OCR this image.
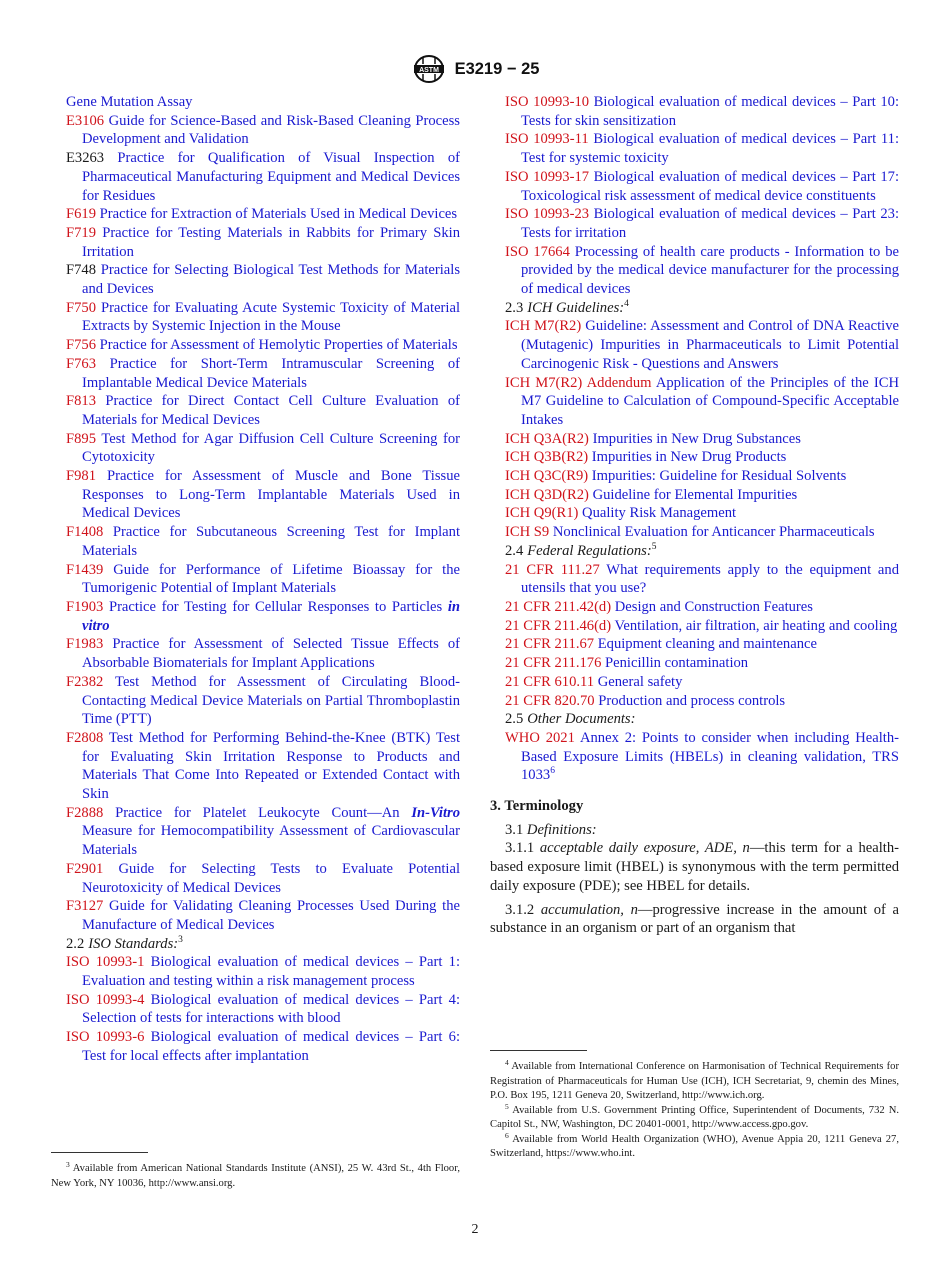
ASTM E3219 − 25
Gene Mutation Assay
E3106 Guide for Science-Based and Risk-Based Cleaning Process Development and Validation
E3263 Practice for Qualification of Visual Inspection of Pharmaceutical Manufacturing Equipment and Medical Devices for Residues
F619 Practice for Extraction of Materials Used in Medical Devices
F719 Practice for Testing Materials in Rabbits for Primary Skin Irritation
F748 Practice for Selecting Biological Test Methods for Materials and Devices
F750 Practice for Evaluating Acute Systemic Toxicity of Material Extracts by Systemic Injection in the Mouse
F756 Practice for Assessment of Hemolytic Properties of Materials
F763 Practice for Short-Term Intramuscular Screening of Implantable Medical Device Materials
F813 Practice for Direct Contact Cell Culture Evaluation of Materials for Medical Devices
F895 Test Method for Agar Diffusion Cell Culture Screening for Cytotoxicity
F981 Practice for Assessment of Muscle and Bone Tissue Responses to Long-Term Implantable Materials Used in Medical Devices
F1408 Practice for Subcutaneous Screening Test for Implant Materials
F1439 Guide for Performance of Lifetime Bioassay for the Tumorigenic Potential of Implant Materials
F1903 Practice for Testing for Cellular Responses to Particles in vitro
F1983 Practice for Assessment of Selected Tissue Effects of Absorbable Biomaterials for Implant Applications
F2382 Test Method for Assessment of Circulating Blood-Contacting Medical Device Materials on Partial Thromboplastin Time (PTT)
F2808 Test Method for Performing Behind-the-Knee (BTK) Test for Evaluating Skin Irritation Response to Products and Materials That Come Into Repeated or Extended Contact with Skin
F2888 Practice for Platelet Leukocyte Count—An In-Vitro Measure for Hemocompatibility Assessment of Cardiovascular Materials
F2901 Guide for Selecting Tests to Evaluate Potential Neurotoxicity of Medical Devices
F3127 Guide for Validating Cleaning Processes Used During the Manufacture of Medical Devices
2.2 ISO Standards:$^3$
ISO 10993-1 Biological evaluation of medical devices – Part 1: Evaluation and testing within a risk management process
ISO 10993-4 Biological evaluation of medical devices – Part 4: Selection of tests for interactions with blood
ISO 10993-6 Biological evaluation of medical devices – Part 6: Test for local effects after implantation
ISO 10993-10 Biological evaluation of medical devices – Part 10: Tests for skin sensitization
ISO 10993-11 Biological evaluation of medical devices – Part 11: Test for systemic toxicity
ISO 10993-17 Biological evaluation of medical devices – Part 17: Toxicological risk assessment of medical device constituents
ISO 10993-23 Biological evaluation of medical devices – Part 23: Tests for irritation
ISO 17664 Processing of health care products - Information to be provided by the medical device manufacturer for the processing of medical devices
2.3 ICH Guidelines:$^4$
ICH M7(R2) Guideline: Assessment and Control of DNA Reactive (Mutagenic) Impurities in Pharmaceuticals to Limit Potential Carcinogenic Risk - Questions and Answers
ICH M7(R2) Addendum Application of the Principles of the ICH M7 Guideline to Calculation of Compound-Specific Acceptable Intakes
ICH Q3A(R2) Impurities in New Drug Substances
ICH Q3B(R2) Impurities in New Drug Products
ICH Q3C(R9) Impurities: Guideline for Residual Solvents
ICH Q3D(R2) Guideline for Elemental Impurities
ICH Q9(R1) Quality Risk Management
ICH S9 Nonclinical Evaluation for Anticancer Pharmaceuticals
2.4 Federal Regulations:$^5$
21 CFR 111.27 What requirements apply to the equipment and utensils that you use?
21 CFR 211.42(d) Design and Construction Features
21 CFR 211.46(d) Ventilation, air filtration, air heating and cooling
21 CFR 211.67 Equipment cleaning and maintenance
21 CFR 211.176 Penicillin contamination
21 CFR 610.11 General safety
21 CFR 820.70 Production and process controls
2.5 Other Documents:
WHO 2021 Annex 2: Points to consider when including Health-Based Exposure Limits (HBELs) in cleaning validation, TRS 1033$^6$
3. Terminology
3.1 Definitions:

3.1.1 acceptable daily exposure, ADE, n—this term for a health-based exposure limit (HBEL) is synonymous with the term permitted daily exposure (PDE); see HBEL for details.

3.1.2 accumulation, n—progressive increase in the amount of a substance in an organism or part of an organism that

$^3$ Available from American National Standards Institute (ANSI), 25 W. 43rd St., 4th Floor, New York, NY 10036, http://www.ansi.org.

$^4$ Available from International Conference on Harmonisation of Technical Requirements for Registration of Pharmaceuticals for Human Use (ICH), ICH Secretariat, 9, chemin des Mines, P.O. Box 195, 1211 Geneva 20, Switzerland, http://www.ich.org.

$^5$ Available from U.S. Government Printing Office, Superintendent of Documents, 732 N. Capitol St., NW, Washington, DC 20401-0001, http://www.access.gpo.gov.

$^6$ Available from World Health Organization (WHO), Avenue Appia 20, 1211 Geneva 27, Switzerland, https://www.who.int.

2
